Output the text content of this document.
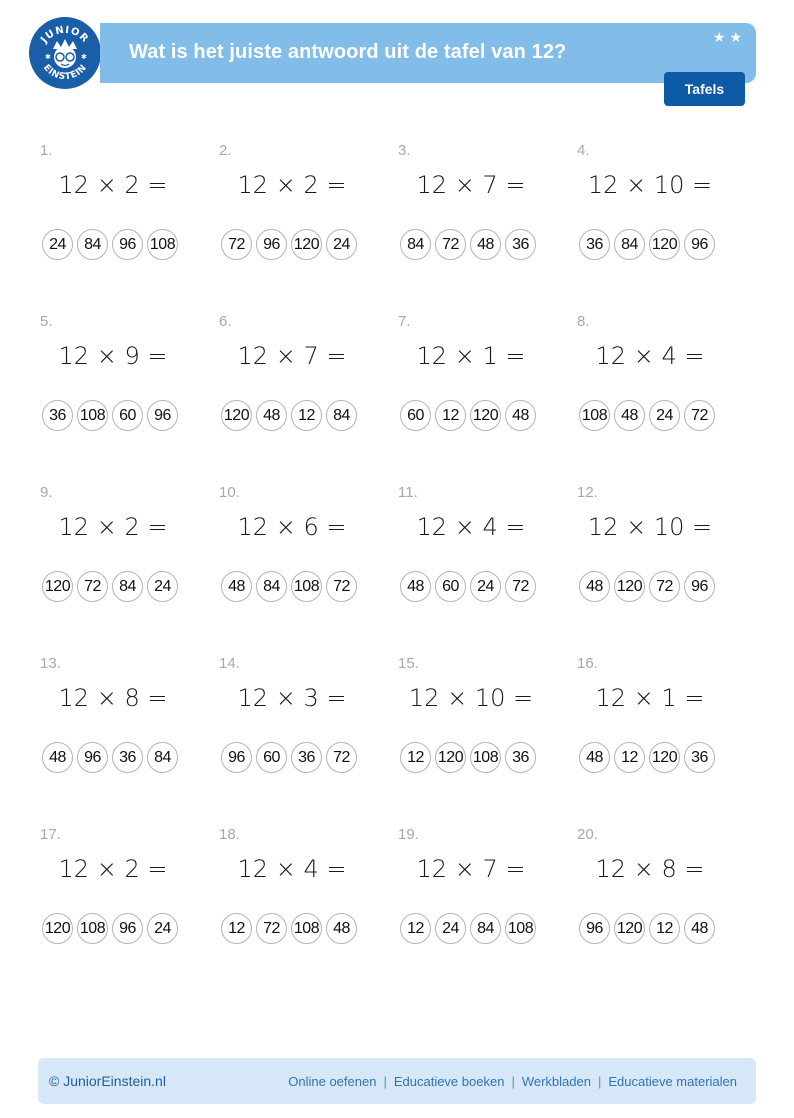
JUNIOR
EINSTEIN
✱	✱ Wat is het juiste antwoord uit de tafel van 12?
★★
Tafels
1.
12 × 2 =
24	84	96 108
2.
12 × 2 =
72	96 120 24
3.
12 × 7 =
84	72	48	36
4.
12 × 10 =
36	84 120 96
5.
12 × 9 =
36 108 60	96
6.
12 × 7 =
120 48	12	84
7.
12 × 1 =
60	12 120 48
8.
12 × 4 =
108 48	24	72
9.
12 × 2 =
120 72	84	24
10.
12 × 6 =
48	84 108 72
11.
12 × 4 =
48	60	24	72
12.
12 × 10 =
48 120 72	96
13.
12 × 8 =
48	96	36	84
14.
12 × 3 =
96	60	36	72
15.
12 × 10 =
12 120 108 36
16.
12 × 1 =
48	12 120 36
17.
12 × 2 =
120 108 96	24
18.
12 × 4 =
12	72 108 48
19.
12 × 7 =
12	24	84 108
20.
12 × 8 =
96 120 12	48
© JuniorEinstein.nl	Online oefenen | Educatieve boeken | Werkbladen | Educatieve materialen
